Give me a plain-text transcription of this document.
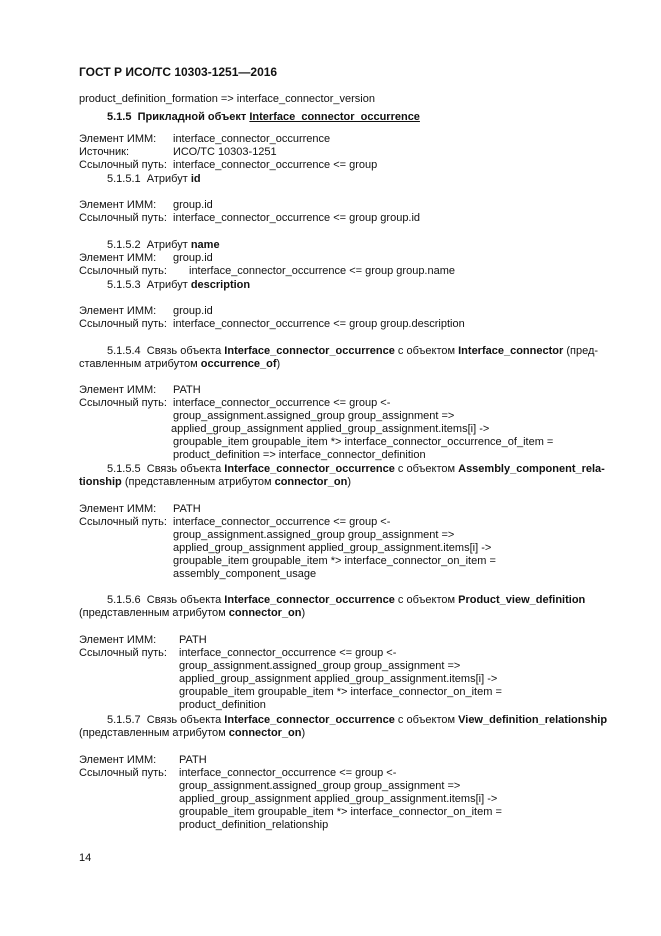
ГОСТ Р ИСО/ТС 10303-1251—2016
product_definition_formation => interface_connector_version
5.1.5 Прикладной объект Interface_connector_occurrence
Элемент ИММ: interface_connector_occurrence
Источник:	ИСО/ТС 10303-1251
Ссылочный путь: interface_connector_occurrence <= group
5.1.5.1 Атрибут id
Элемент ИММ: group.id
Ссылочный путь: interface_connector_occurrence <= group group.id
5.1.5.2 Атрибут name
Элемент ИММ: group.id
Ссылочный путь: interface_connector_occurrence <= group group.name
5.1.5.3 Атрибут description
Элемент ИММ: group.id
Ссылочный путь: interface_connector_occurrence <= group group.description
5.1.5.4 Связь объекта Interface_connector_occurrence с объектом Interface_connector (пред-
ставленным атрибутом occurrence_of)
Элемент ИММ: PATH
Ссылочный путь: interface_connector_occurrence <= group <-
group_assignment.assigned_group group_assignment =>
applied_group_assignment applied_group_assignment.items[i] ->
groupable_item groupable_item *> interface_connector_occurrence_of_item =
product_definition => interface_connector_definition
5.1.5.5 Связь объекта Interface_connector_occurrence с объектом Assembly_component_rela-
tionship (представленным атрибутом connector_on)
Элемент ИММ: PATH
Ссылочный путь: interface_connector_occurrence <= group <-
group_assignment.assigned_group group_assignment =>
applied_group_assignment applied_group_assignment.items[i] ->
groupable_item groupable_item *> interface_connector_on_item =
assembly_component_usage
5.1.5.6 Связь объекта Interface_connector_occurrence с объектом Product_view_definition
(представленным атрибутом connector_on)
Элемент ИММ: PATH
Ссылочный путь: interface_connector_occurrence <= group <-
group_assignment.assigned_group group_assignment =>
applied_group_assignment applied_group_assignment.items[i] ->
groupable_item groupable_item *> interface_connector_on_item =
product_definition
5.1.5.7 Связь объекта Interface_connector_occurrence с объектом View_definition_relationship
(представленным атрибутом connector_on)
Элемент ИММ: PATH
Ссылочный путь: interface_connector_occurrence <= group <-
group_assignment.assigned_group group_assignment =>
applied_group_assignment applied_group_assignment.items[i] ->
groupable_item groupable_item *> interface_connector_on_item =
product_definition_relationship
14
